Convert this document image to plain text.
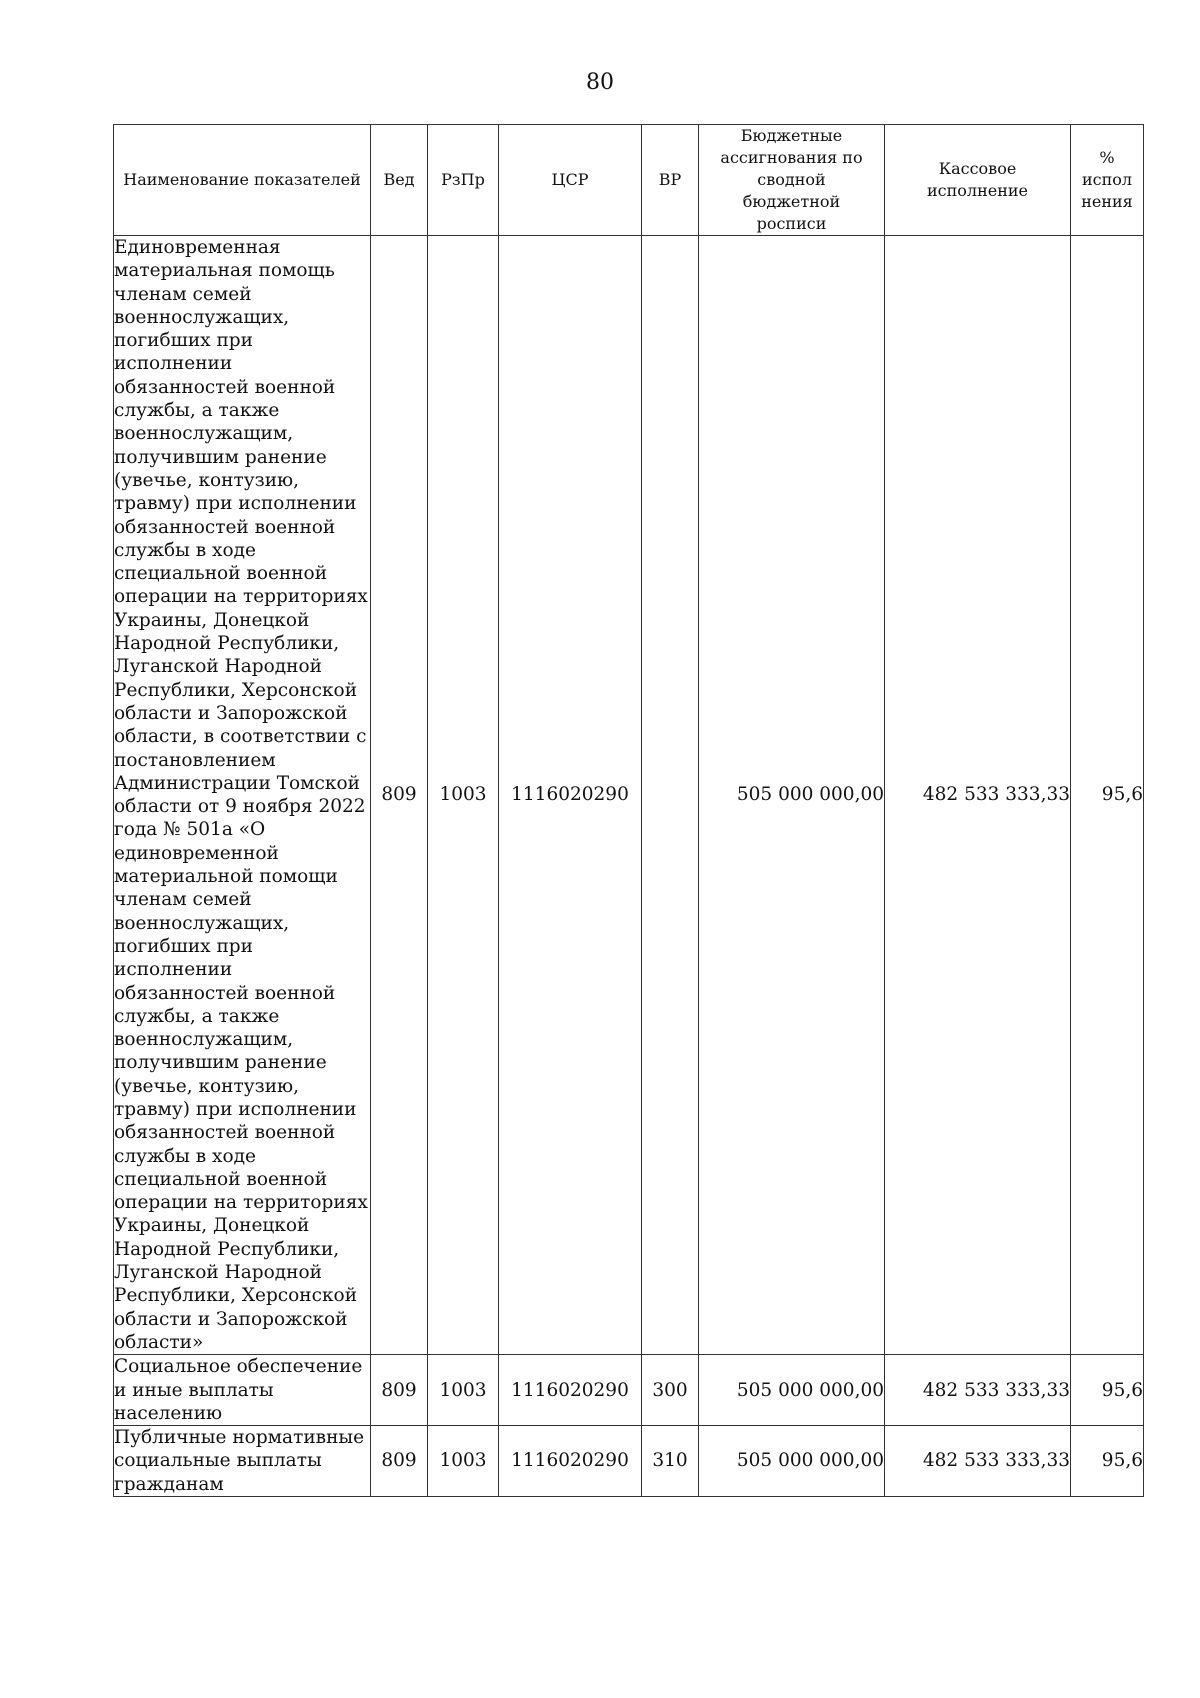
80
Наименование показателей	Вед	РзПр	ЦСР	ВР	Бюджетные ассигнования по сводной бюджетной росписи	Кассовое исполнение	% испол нения
Единовременная материальная помощь членам семей военнослужащих, погибших при исполнении обязанностей военной службы, а также военнослужащим, получившим ранение (увечье, контузию, травму) при исполнении обязанностей военной службы в ходе специальной военной операции на территориях Украины, Донецкой Народной Республики, Луганской Народной Республики, Херсонской области и Запорожской области, в соответствии с постановлением Администрации Томской области от 9 ноября 2022 года № 501а «О единовременной материальной помощи членам семей военнослужащих, погибших при исполнении обязанностей военной службы, а также военнослужащим, получившим ранение (увечье, контузию, травму) при исполнении обязанностей военной службы в ходе специальной военной операции на территориях Украины, Донецкой Народной Республики, Луганской Народной Республики, Херсонской области и Запорожской области»	809	1003	1116020290		505 000 000,00	482 533 333,33	95,6
Социальное обеспечение и иные выплаты населению	809	1003	1116020290	300	505 000 000,00	482 533 333,33	95,6
Публичные нормативные социальные выплаты гражданам	809	1003	1116020290	310	505 000 000,00	482 533 333,33	95,6
